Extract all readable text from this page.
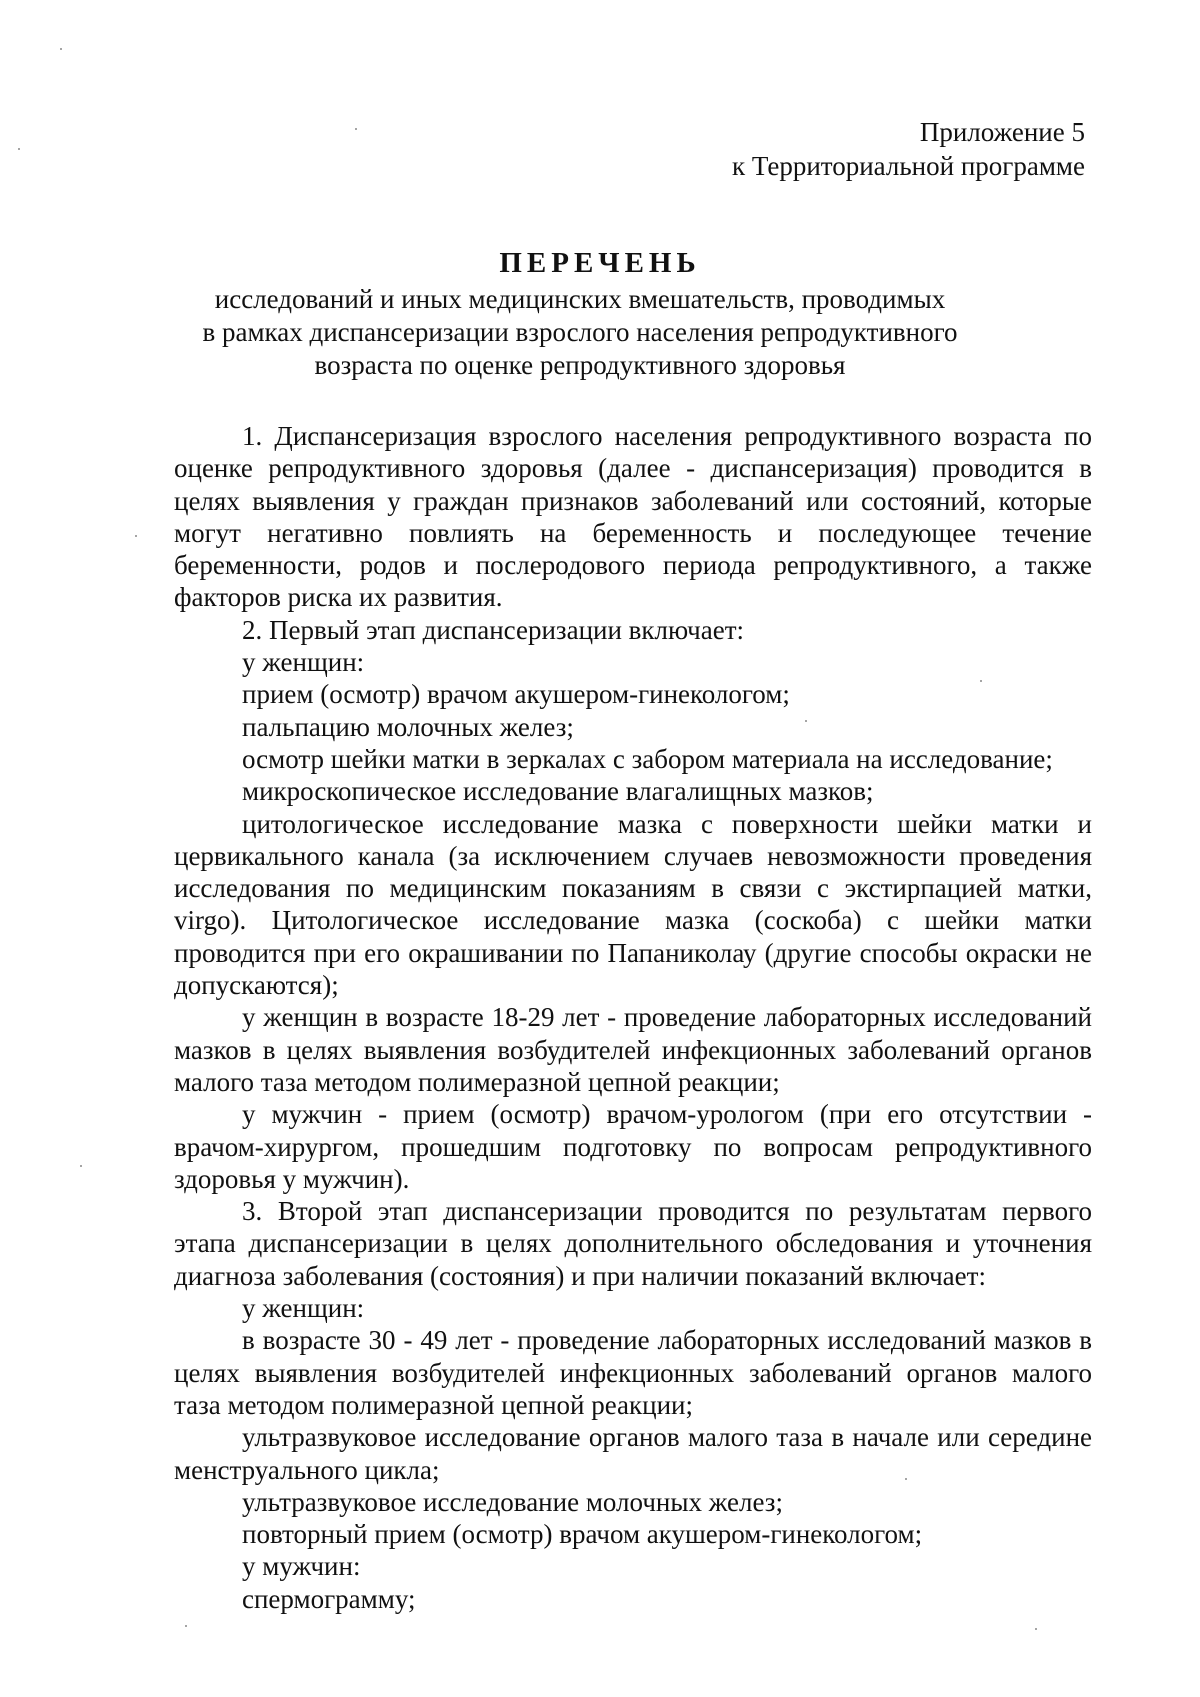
Приложение 5
к Территориальной программе
ПЕРЕЧЕНЬ
исследований и иных медицинских вмешательств, проводимых
в рамках диспансеризации взрослого населения репродуктивного
возраста по оценке репродуктивного здоровья

1. Диспансеризация взрослого населения репродуктивного возраста по оценке репродуктивного здоровья (далее - диспансеризация) проводится в целях выявления у граждан признаков заболеваний или состояний, которые могут негативно повлиять на беременность и последующее течение беременности, родов и послеродового периода репродуктивного, а также факторов риска их развития.

2. Первый этап диспансеризации включает:

у женщин:

прием (осмотр) врачом акушером-гинекологом;

пальпацию молочных желез;

осмотр шейки матки в зеркалах с забором материала на исследование;

микроскопическое исследование влагалищных мазков;

цитологическое исследование мазка с поверхности шейки матки и цервикального канала (за исключением случаев невозможности проведения исследования по медицинским показаниям в связи с экстирпацией матки, virgo). Цитологическое исследование мазка (соскоба) с шейки матки проводится при его окрашивании по Папаниколау (другие способы окраски не допускаются);

у женщин в возрасте 18-29 лет - проведение лабораторных исследований мазков в целях выявления возбудителей инфекционных заболеваний органов малого таза методом полимеразной цепной реакции;

у мужчин - прием (осмотр) врачом-урологом (при его отсутствии - врачом-хирургом, прошедшим подготовку по вопросам репродуктивного здоровья у мужчин).

3. Второй этап диспансеризации проводится по результатам первого этапа диспансеризации в целях дополнительного обследования и уточнения диагноза заболевания (состояния) и при наличии показаний включает:

у женщин:

в возрасте 30 - 49 лет - проведение лабораторных исследований мазков в целях выявления возбудителей инфекционных заболеваний органов малого таза методом полимеразной цепной реакции;

ультразвуковое исследование органов малого таза в начале или середине менструального цикла;

ультразвуковое исследование молочных желез;

повторный прием (осмотр) врачом акушером-гинекологом;

у мужчин:

спермограмму;
